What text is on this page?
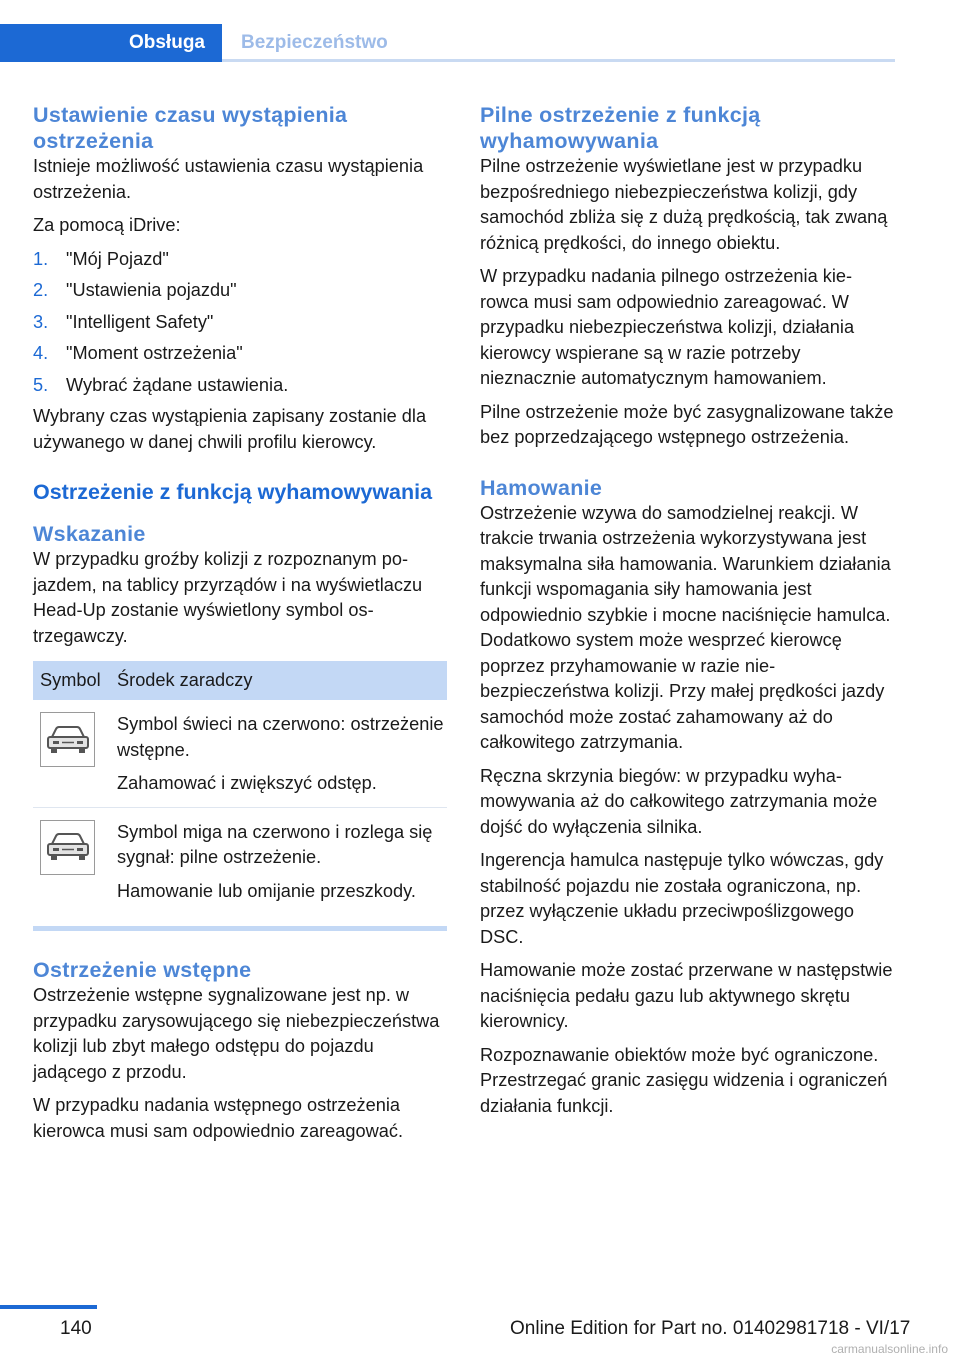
Obsługa	Bezpieczeństwo
Ustawienie czasu wystąpienia ostrzeżenia

Istnieje możliwość ustawienia czasu wystąpienia ostrzeżenia.

Za pomocą iDrive:

1. "Mój Pojazd"
2. "Ustawienia pojazdu"
3. "Intelligent Safety"
4. "Moment ostrzeżenia"
5. Wybrać żądane ustawienia.

Wybrany czas wystąpienia zapisany zostanie dla używanego w danej chwili profilu kierowcy.

Ostrzeżenie z funkcją wyhamowywania
Wskazanie

W przypadku groźby kolizji z rozpoznanym pojazdem, na tablicy przyrządów i na wyświetlaczu Head-Up zostanie wyświetlony symbol ostrzegawczy.

Symbol Środek zaradczy

Symbol świeci na czerwono: ostrzeżenie wstępne.

Zahamować i zwiększyć odstęp.

Symbol miga na czerwono i rozlega się sygnał: pilne ostrzeżenie.

Hamowanie lub omijanie przeszkody.

Ostrzeżenie wstępne

Ostrzeżenie wstępne sygnalizowane jest np. w przypadku zarysowującego się niebezpieczeństwa kolizji lub zbyt małego odstępu do pojazdu jadącego z przodu.

W przypadku nadania wstępnego ostrzeżenia kierowca musi sam odpowiednio zareagować.

Pilne ostrzeżenie z funkcją wyhamowywania

Pilne ostrzeżenie wyświetlane jest w przypadku bezpośredniego niebezpieczeństwa kolizji, gdy samochód zbliża się z dużą prędkością, tak zwaną różnicą prędkości, do innego obiektu.

W przypadku nadania pilnego ostrzeżenia kierowca musi sam odpowiednio zareagować. W przypadku niebezpieczeństwa kolizji, działania kierowcy wspierane są w razie potrzeby nieznacznie automatycznym hamowaniem.

Pilne ostrzeżenie może być zasygnalizowane także bez poprzedzającego wstępnego ostrzeżenia.

Hamowanie

Ostrzeżenie wzywa do samodzielnej reakcji. W trakcie trwania ostrzeżenia wykorzystywana jest maksymalna siła hamowania. Warunkiem działania funkcji wspomagania siły hamowania jest odpowiednio szybkie i mocne naciśnięcie hamulca. Dodatkowo system może wesprzeć kierowcę poprzez przyhamowanie w razie niebezpieczeństwa kolizji. Przy małej prędkości jazdy samochód może zostać zahamowany aż do całkowitego zatrzymania.

Ręczna skrzynia biegów: w przypadku wyhamowywania aż do całkowitego zatrzymania może dojść do wyłączenia silnika.

Ingerencja hamulca następuje tylko wówczas, gdy stabilność pojazdu nie została ograniczona, np. przez wyłączenie układu przeciwpoślizgowego DSC.

Hamowanie może zostać przerwane w następstwie naciśnięcia pedału gazu lub aktywnego skrętu kierownicy.

Rozpoznawanie obiektów może być ograniczone. Przestrzegać granic zasięgu widzenia i ograniczeń działania funkcji.

140	Online Edition for Part no. 01402981718 - VI/17
carmanualsonline.info
